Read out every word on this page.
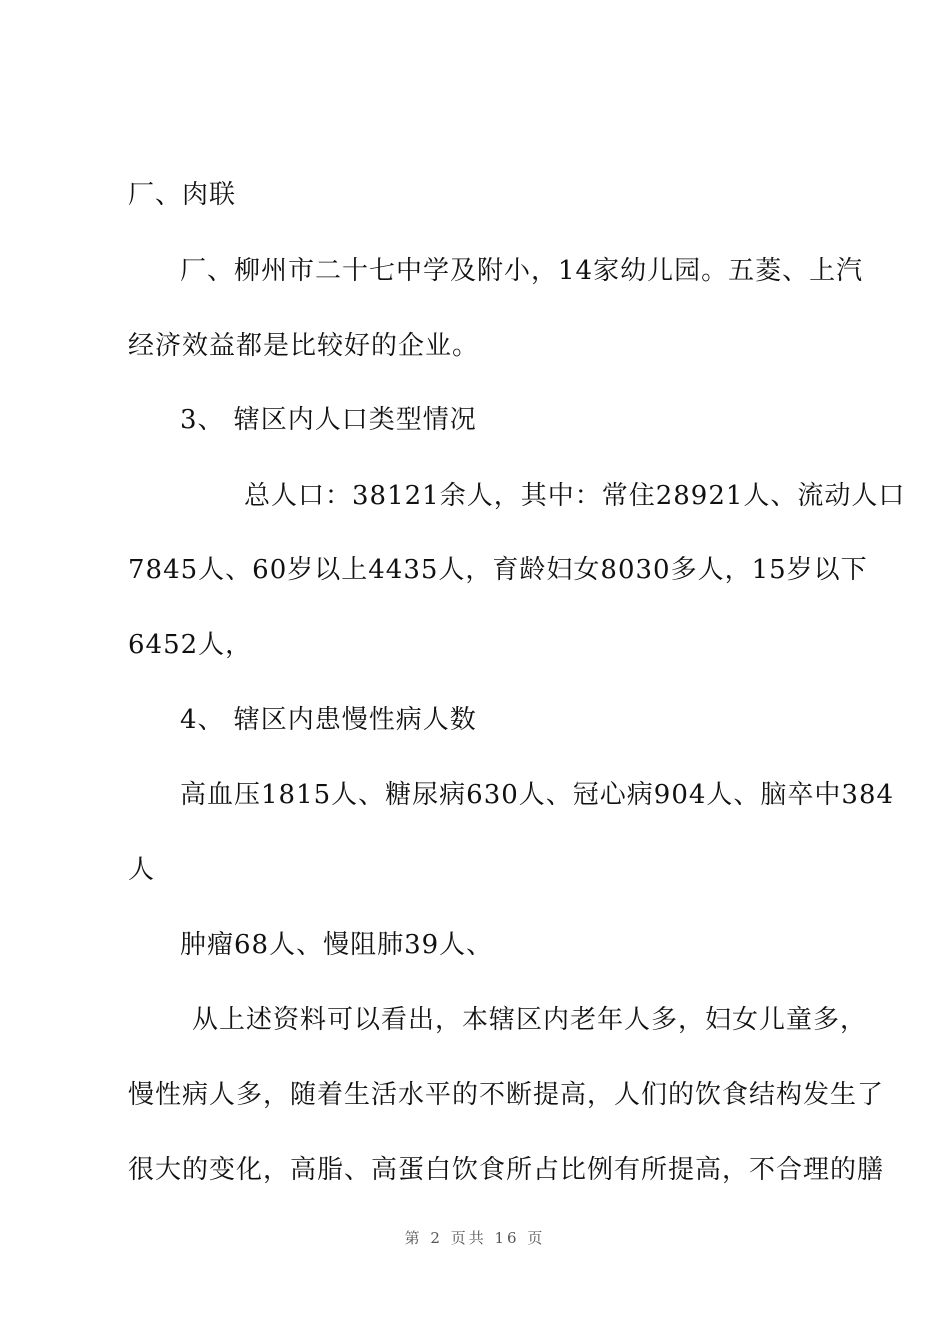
厂、肉联
厂、柳州市二十七中学及附小，14家幼儿园。五菱、上汽
经济效益都是比较好的企业。
3、 辖区内人口类型情况
总人口：38121余人，其中：常住28921人、流动人口
7845人、60岁以上4435人，育龄妇女8030多人，15岁以下
6452人，
4、 辖区内患慢性病人数
高血压1815人、糖尿病630人、冠心病904人、脑卒中384
人
肿瘤68人、慢阻肺39人、
从上述资料可以看出，本辖区内老年人多，妇女儿童多，
慢性病人多，随着生活水平的不断提高，人们的饮食结构发生了
很大的变化，高脂、高蛋白饮食所占比例有所提高，不合理的膳
第 2 页共 16 页
